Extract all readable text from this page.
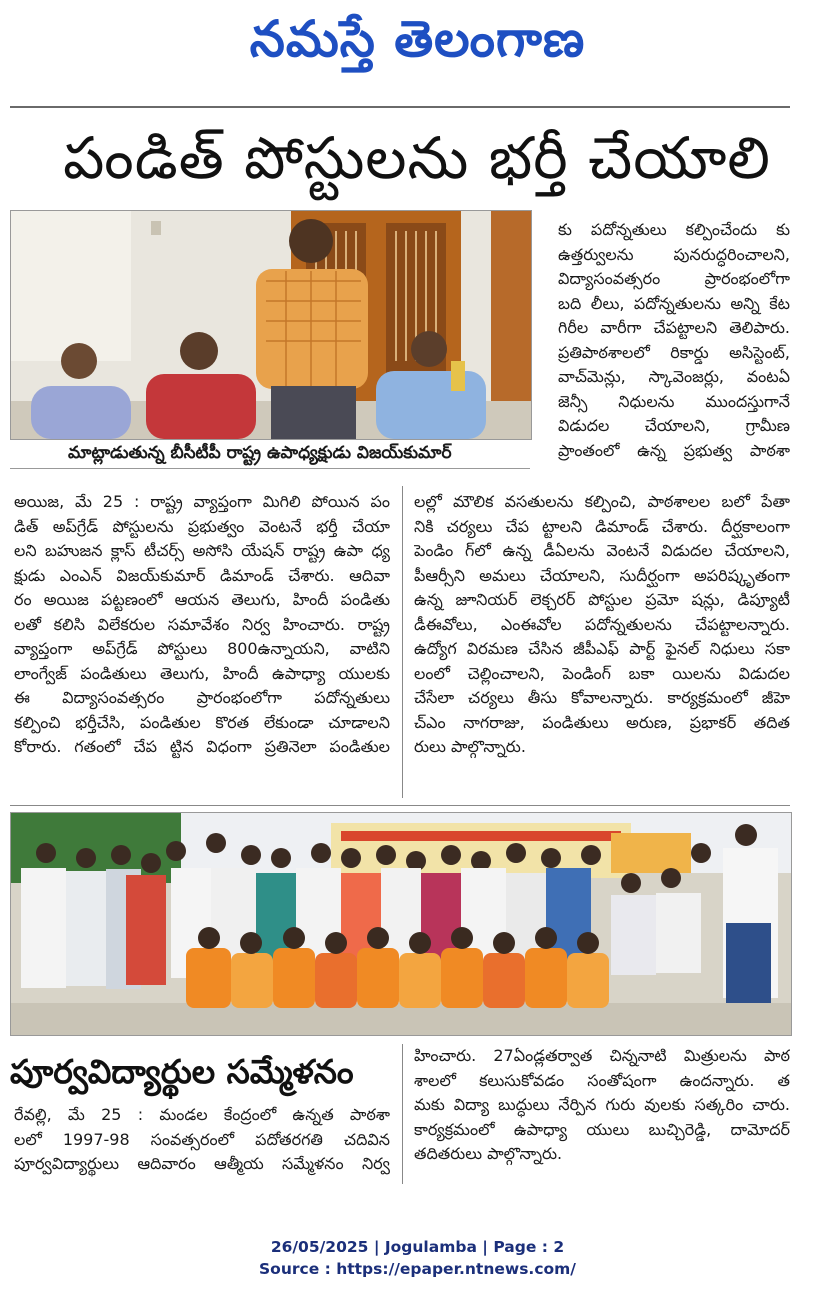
నమస్తే తెలంగాణ
పండిత్ పోస్టులను భర్తీ చేయాలి
మాట్లాడుతున్న బీసీటీపీ రాష్ట్ర ఉపాధ్యక్షుడు విజయ్‌కుమార్

కు పదోన్నతులు కల్పించేందు కు

ఉత్తర్వులను పునరుద్ధరించాలని,

విద్యాసంవత్సరం ప్రారంభంలోగా

బది లీలు, పదోన్నతులను అన్ని కేట

గిరీల వారీగా చేపట్టాలని తెలిపారు.

ప్రతిపాఠశాలలో రికార్డు అసిస్టెంట్,

వాచ్‌మెన్లు, స్కావెంజర్లు, వంటఏ

జెన్సీ నిధులను ముందస్తుగానే

విడుదల చేయాలని, గ్రామీణ

ప్రాంతంలో ఉన్న ప్రభుత్వ పాఠశా

అయిజ, మే 25 : రాష్ట్ర వ్యాప్తంగా మిగిలి పోయిన పం

డిత్ అప్‌గ్రేడ్ పోస్టులను ప్రభుత్వం వెంటనే భర్తీ చేయా

లని బహుజన క్లాస్ టీచర్స్ అసోసి యేషన్ రాష్ట్ర ఉపా ధ్య

క్షుడు ఎంఎన్ విజయ్‌కుమార్ డిమాండ్ చేశారు. ఆదివా

రం అయిజ పట్టణంలో ఆయన తెలుగు, హిందీ పండితు

లతో కలిసి విలేకరుల సమావేశం నిర్వ హించారు. రాష్ట్ర

వ్యాప్తంగా అప్‌గ్రేడ్ పోస్టులు 800ఉన్నాయని, వాటిని

లాంగ్వేజ్ పండితులు తెలుగు, హిందీ ఉపాధ్యా యులకు

ఈ విద్యాసంవత్సరం ప్రారంభంలోగా పదోన్నతులు

కల్పించి భర్తీచేసి, పండితుల కొరత లేకుండా చూడాలని

కోరారు. గతంలో చేప ట్టిన విధంగా ప్రతినెలా పండితుల

లల్లో మౌలిక వసతులను కల్పించి, పాఠశాలల బలో పేతా

నికి చర్యలు చేప ట్టాలని డిమాండ్ చేశారు. దీర్ఘకాలంగా

పెండిం గ్‌లో ఉన్న డీఏలను వెంటనే విడుదల చేయాలని,

పీఆర్సీని అమలు చేయాలని, సుదీర్ఘంగా అపరిష్కృతంగా

ఉన్న జూనియర్ లెక్చరర్ పోస్టుల ప్రమో షన్లు, డిప్యూటీ

డీఈవోలు, ఎంఈవోల పదోన్నతులను చేపట్టాలన్నారు.

ఉద్యోగ విరమణ చేసిన జీపీఎఫ్ పార్ట్ ఫైనల్ నిధులు సకా

లంలో చెల్లించాలని, పెండింగ్ బకా యిలను విడుదల

చేసేలా చర్యలు తీసు కోవాలన్నారు. కార్యక్రమంలో జీహె

చ్ఎం నాగరాజు, పండితులు అరుణ, ప్రభాకర్ తదిత

రులు పాల్గొన్నారు.

పూర్వవిద్యార్థుల సమ్మేళనం

రేవల్లి, మే 25 : మండల కేంద్రంలో ఉన్నత పాఠశా

లలో 1997-98 సంవత్సరంలో పదోతరగతి చదివిన

పూర్వవిద్యార్థులు ఆదివారం ఆత్మీయ సమ్మేళనం నిర్వ

హించారు. 27ఏండ్లతర్వాత చిన్ననాటి మిత్రులను పాఠ

శాలలో కలుసుకోవడం సంతోషంగా ఉందన్నారు. త

మకు విద్యా బుద్ధులు నేర్పిన గురు వులకు సత్కరిం చారు.

కార్యక్రమంలో ఉపాధ్యా యులు బుచ్చిరెడ్డి, దామోదర్

తదితరులు పాల్గొన్నారు.

26/05/2025 | Jogulamba | Page : 2
Source : https://epaper.ntnews.com/
